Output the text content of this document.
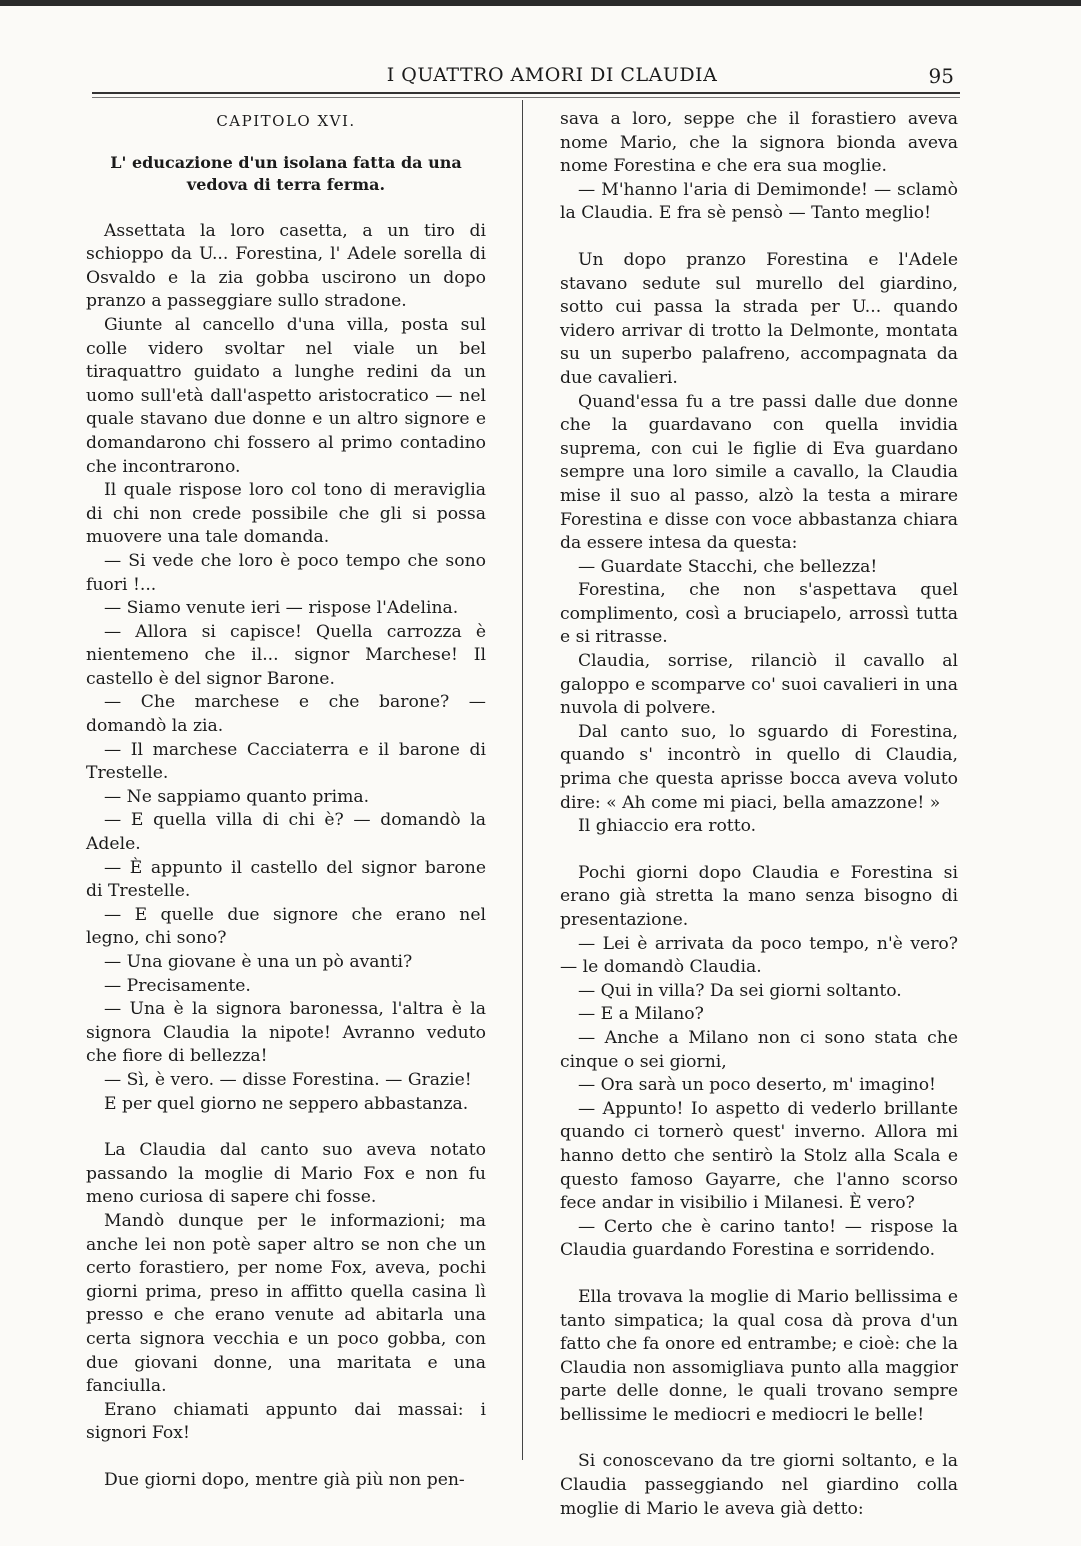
I QUATTRO AMORI DI CLAUDIA	95
CAPITOLO XVI.
L' educazione d'un isolana fatta da una vedova di terra ferma.

Assettata la loro casetta, a un tiro di schioppo da U... Forestina, l' Adele sorella di Osvaldo e la zia gobba uscirono un dopo pranzo a passeggiare sullo stradone.

Giunte al cancello d'una villa, posta sul colle videro svoltar nel viale un bel tiraquattro guidato a lunghe redini da un uomo sull'età dall'aspetto aristocratico — nel quale stavano due donne e un altro signore e domandarono chi fossero al primo contadino che incontrarono.

Il quale rispose loro col tono di meraviglia di chi non crede possibile che gli si possa muovere una tale domanda.

— Si vede che loro è poco tempo che sono fuori !...

— Siamo venute ieri — rispose l'Adelina.

— Allora si capisce! Quella carrozza è nientemeno che il... signor Marchese! Il castello è del signor Barone.

— Che marchese e che barone? — domandò la zia.

— Il marchese Cacciaterra e il barone di Trestelle.

— Ne sappiamo quanto prima.

— E quella villa di chi è? — domandò la Adele.

— È appunto il castello del signor barone di Trestelle.

— E quelle due signore che erano nel legno, chi sono?

— Una giovane è una un pò avanti?

— Precisamente.

— Una è la signora baronessa, l'altra è la signora Claudia la nipote! Avranno veduto che fiore di bellezza!

— Sì, è vero. — disse Forestina. — Grazie!

E per quel giorno ne seppero abbastanza.

La Claudia dal canto suo aveva notato passando la moglie di Mario Fox e non fu meno curiosa di sapere chi fosse.

Mandò dunque per le informazioni; ma anche lei non potè saper altro se non che un certo forastiero, per nome Fox, aveva, pochi giorni prima, preso in affitto quella casina lì presso e che erano venute ad abitarla una certa signora vecchia e un poco gobba, con due giovani donne, una maritata e una fanciulla.

Erano chiamati appunto dai massai: i signori Fox!

Due giorni dopo, mentre già più non pen-

sava a loro, seppe che il forastiero aveva nome Mario, che la signora bionda aveva nome Forestina e che era sua moglie.

— M'hanno l'aria di Demimonde! — sclamò la Claudia. E fra sè pensò — Tanto meglio!

Un dopo pranzo Forestina e l'Adele stavano sedute sul murello del giardino, sotto cui passa la strada per U... quando videro arrivar di trotto la Delmonte, montata su un superbo palafreno, accompagnata da due cavalieri.

Quand'essa fu a tre passi dalle due donne che la guardavano con quella invidia suprema, con cui le figlie di Eva guardano sempre una loro simile a cavallo, la Claudia mise il suo al passo, alzò la testa a mirare Forestina e disse con voce abbastanza chiara da essere intesa da questa:

— Guardate Stacchi, che bellezza!

Forestina, che non s'aspettava quel complimento, così a bruciapelo, arrossì tutta e si ritrasse.

Claudia, sorrise, rilanciò il cavallo al galoppo e scomparve co' suoi cavalieri in una nuvola di polvere.

Dal canto suo, lo sguardo di Forestina, quando s' incontrò in quello di Claudia, prima che questa aprisse bocca aveva voluto dire: « Ah come mi piaci, bella amazzone! »

Il ghiaccio era rotto.

Pochi giorni dopo Claudia e Forestina si erano già stretta la mano senza bisogno di presentazione.

— Lei è arrivata da poco tempo, n'è vero? — le domandò Claudia.

— Qui in villa? Da sei giorni soltanto.

— E a Milano?

— Anche a Milano non ci sono stata che cinque o sei giorni,

— Ora sarà un poco deserto, m' imagino!

— Appunto! Io aspetto di vederlo brillante quando ci tornerò quest' inverno. Allora mi hanno detto che sentirò la Stolz alla Scala e questo famoso Gayarre, che l'anno scorso fece andar in visibilio i Milanesi. È vero?

— Certo che è carino tanto! — rispose la Claudia guardando Forestina e sorridendo.

Ella trovava la moglie di Mario bellissima e tanto simpatica; la qual cosa dà prova d'un fatto che fa onore ed entrambe; e cioè: che la Claudia non assomigliava punto alla maggior parte delle donne, le quali trovano sempre bellissime le mediocri e mediocri le belle!

Si conoscevano da tre giorni soltanto, e la Claudia passeggiando nel giardino colla moglie di Mario le aveva già detto:
